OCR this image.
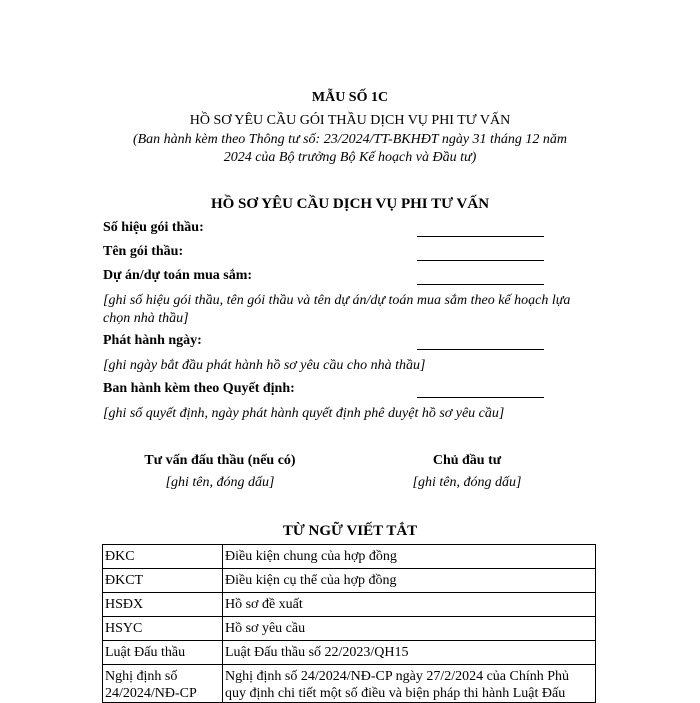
MẪU SỐ 1C
HỒ SƠ YÊU CẦU GÓI THẦU DỊCH VỤ PHI TƯ VẤN
(Ban hành kèm theo Thông tư số: 23/2024/TT-BKHĐT ngày 31 tháng 12 năm
2024 của Bộ trưởng Bộ Kế hoạch và Đầu tư)
HỒ SƠ YÊU CẦU DỊCH VỤ PHI TƯ VẤN
Số hiệu gói thầu:
Tên gói thầu:
Dự án/dự toán mua sắm:
[ghi số hiệu gói thầu, tên gói thầu và tên dự án/dự toán mua sắm theo kế hoạch lựa chọn nhà thầu]
Phát hành ngày:
[ghi ngày bắt đầu phát hành hồ sơ yêu cầu cho nhà thầu]
Ban hành kèm theo Quyết định:
[ghi số quyết định, ngày phát hành quyết định phê duyệt hồ sơ yêu cầu]
Tư vấn đấu thầu (nếu có)
[ghi tên, đóng dấu]
Chủ đầu tư
[ghi tên, đóng dấu]
TỪ NGỮ VIẾT TẮT
ĐKC	Điều kiện chung của hợp đồng
ĐKCT	Điều kiện cụ thể của hợp đồng
HSĐX	Hồ sơ đề xuất
HSYC	Hồ sơ yêu cầu
Luật Đấu thầu	Luật Đấu thầu số 22/2023/QH15
Nghị định số 24/2024/NĐ-CP	Nghị định số 24/2024/NĐ-CP ngày 27/2/2024 của Chính Phủ quy định chi tiết một số điều và biện pháp thi hành Luật Đấu
